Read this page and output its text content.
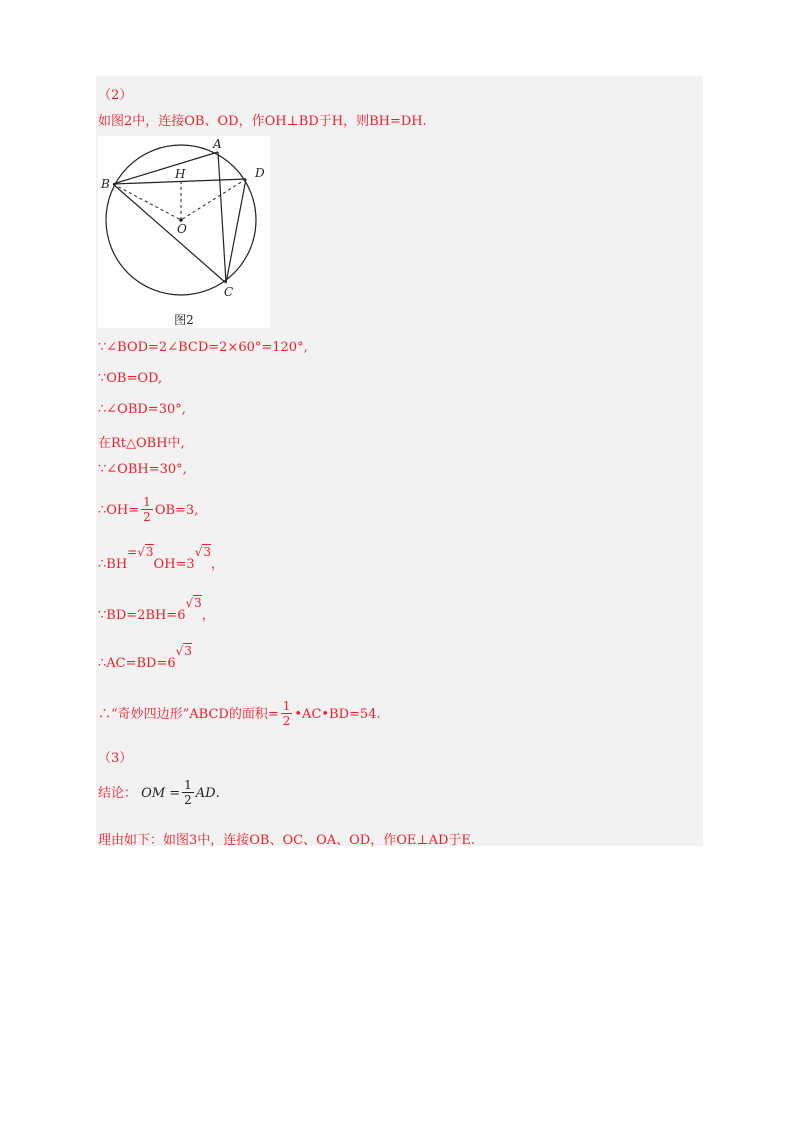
（2）
如图2中，连接OB、OD，作OH⊥BD于H，则BH=DH.
A
B
C
D
H
O
图2
∵∠BOD=2∠BCD=2×60°=120°,
∵OB=OD,
∴∠OBD=30°,
在Rt△OBH中,
∵∠OBH=30°,
∴OH= $\frac{1}{2} OB=3$,
∴BH=√3OH=3√3，
∵BD=2BH=6√3，
∴AC=BD=6√3
∴“奇妙四边形”ABCD的面积= $\frac{1}{2}$ •AC•BD=54.
（3）
结论： OM = $\frac{1}{2}$ AD.
理由如下：如图3中，连接OB、OC、OA、OD，作OE⊥AD于E.
